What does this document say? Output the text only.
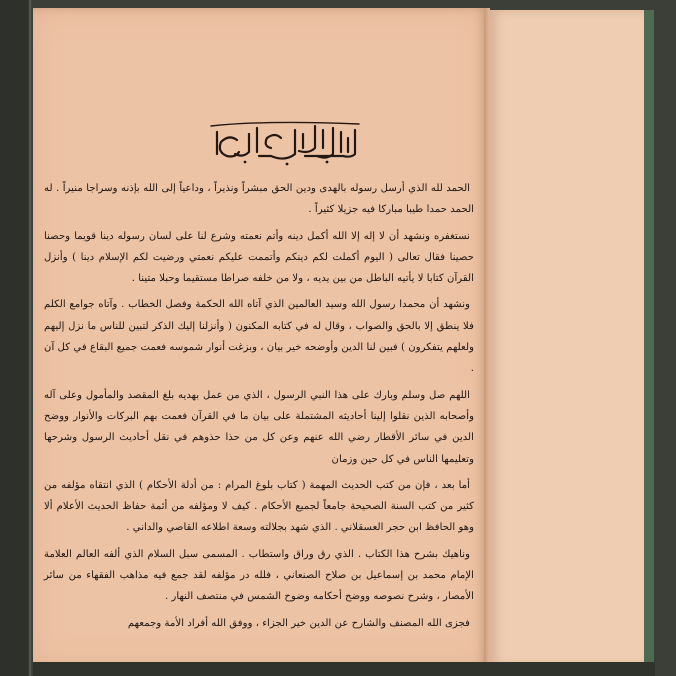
الحمد لله الذي أرسل رسوله بالهدى ودين الحق مبشراً ونذيراً ، وداعياً إلى الله بإذنه وسراجا منيراً . له الحمد حمدا طيبا مباركا فيه جزيلا كثيراً .

نستغفره ونشهد أن لا إله إلا الله أكمل دينه وأتم نعمته وشرع لنا على لسان رسوله دينا قويما وحصنا حصينا فقال تعالى ( اليوم أكملت لكم دينكم وأتممت عليكم نعمتي ورضيت لكم الإسلام دينا ) وأنزل القرآن كتابا لا يأتيه الباطل من بين يديه ، ولا من خلفه صراطا مستقيما وحبلا متينا .

ونشهد أن محمدا رسول الله وسيد العالمين الذي آتاه الله الحكمة وفصل الخطاب . وآتاه جوامع الكلم فلا ينطق إلا بالحق والصواب ، وقال له في كتابه المكنون ( وأنزلنا إليك الذكر لتبين للناس ما نزل إليهم ولعلهم يتفكرون ) فبين لنا الدين وأوضحه خير بيان ، وبزغت أنوار شموسه فعمت جميع البقاع في كل آن .

اللهم صل وسلم وبارك على هذا النبي الرسول ، الذي من عمل بهديه بلغ المقصد والمأمول وعلى آله وأصحابه الذين نقلوا إلينا أحاديثه المشتملة على بيان ما في القرآن فعمت بهم البركات والأنوار ووضح الدين في سائر الأقطار رضي الله عنهم وعن كل من حذا حذوهم في نقل أحاديث الرسول وشرحها وتعليمها الناس في كل حين وزمان

أما بعد ، فإن من كتب الحديث المهمة ( كتاب بلوغ المرام : من أدلة الأحكام ) الذي انتقاه مؤلفه من كثير من كتب السنة الصحيحة جامعاً لجميع الأحكام . كيف لا ومؤلفه من أئمة حفاظ الحديث الأعلام ألا وهو الحافظ ابن حجر العسقلاني . الذي شهد بجلالته وسعة اطلاعه القاصي والداني .

وناهيك بشرح هذا الكتاب . الذي رق وراق واستطاب . المسمى سبل السلام الذي ألفه العالم العلامة الإمام محمد بن إسماعيل بن صلاح الصنعاني ، فلله در مؤلفه لقد جمع فيه مذاهب الفقهاء من سائر الأمصار ، وشرح نصوصه ووضح أحكامه وضوح الشمس في منتصف النهار .

فجزى الله المصنف والشارح عن الدين خير الجزاء ، ووفق الله أفراد الأمة وجمعهم
